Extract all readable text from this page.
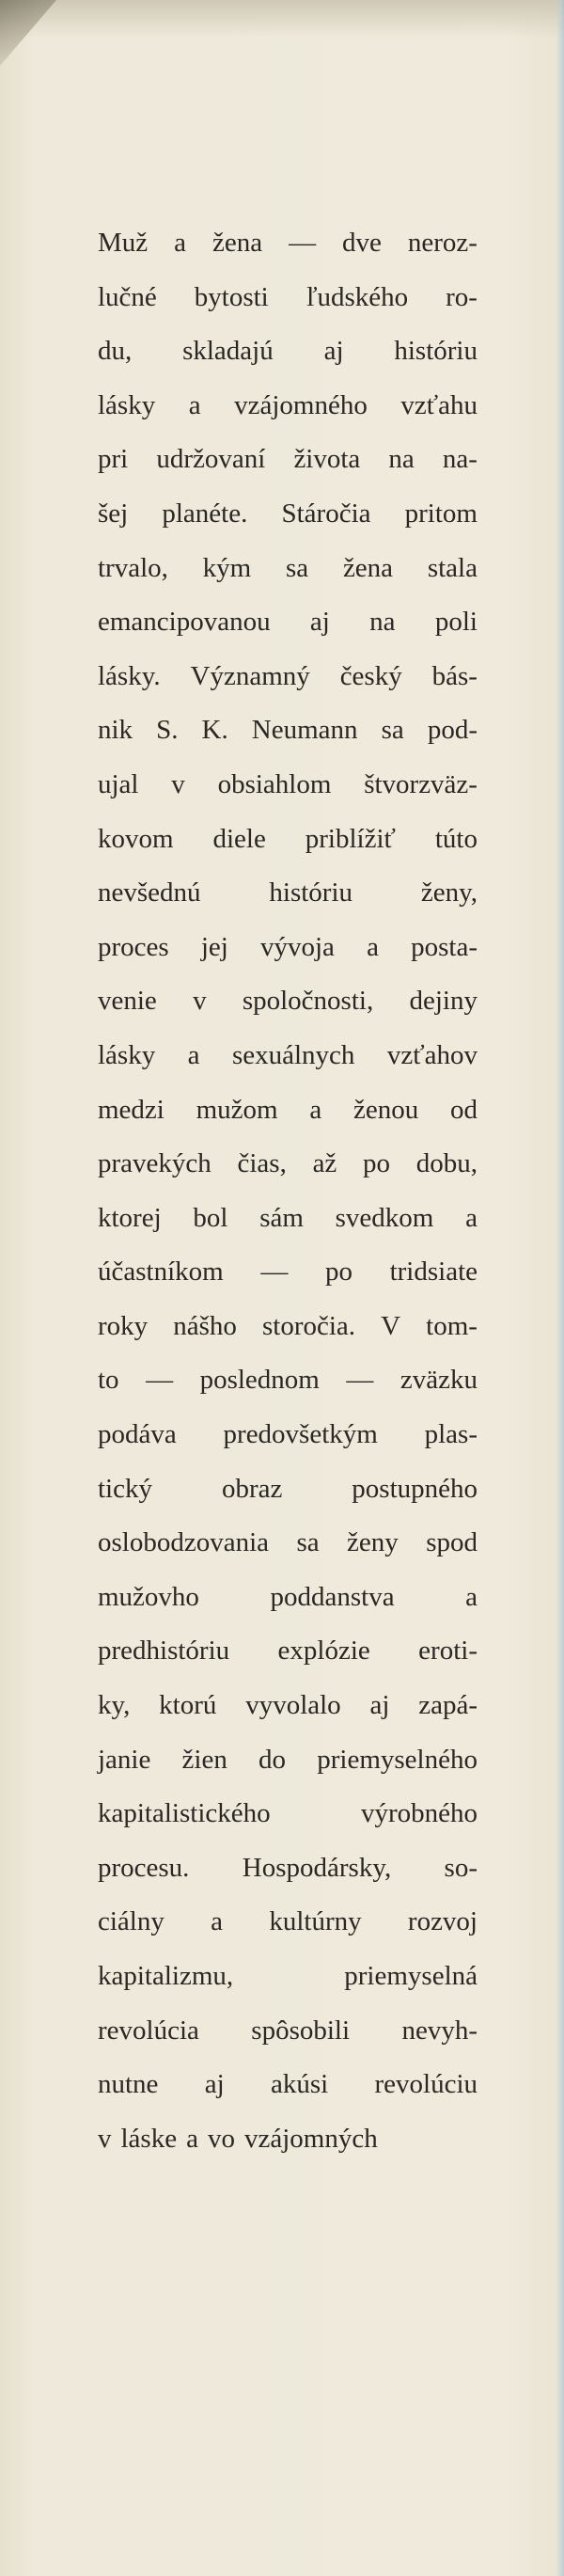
Muž a žena — dve neroz-
lučné bytosti ľudského ro-
du, skladajú aj históriu
lásky a vzájomného vzťahu
pri udržovaní života na na-
šej planéte. Stáročia pritom
trvalo, kým sa žena stala
emancipovanou aj na poli
lásky. Významný český bás-
nik S. K. Neumann sa pod-
ujal v obsiahlom štvorzväz-
kovom diele priblížiť túto
nevšednú	históriu	ženy,
proces jej vývoja a posta-
venie v spoločnosti, dejiny
lásky a sexuálnych vzťahov
medzi mužom a ženou od
pravekých čias, až po dobu,
ktorej bol sám svedkom a
účastníkom — po tridsiate
roky nášho storočia. V tom-
to — poslednom — zväzku
podáva predovšetkým plas-
tický	obraz	postupného
oslobodzovania sa ženy spod
mužovho	poddanstva	a
predhistóriu explózie eroti-
ky, ktorú vyvolalo aj zapá-
janie žien do priemyselného
kapitalistického	výrobného
procesu. Hospodársky, so-
ciálny a kultúrny rozvoj
kapitalizmu,	priemyselná
revolúcia spôsobili nevyh-
nutne aj akúsi revolúciu
v láske a vo vzájomných
